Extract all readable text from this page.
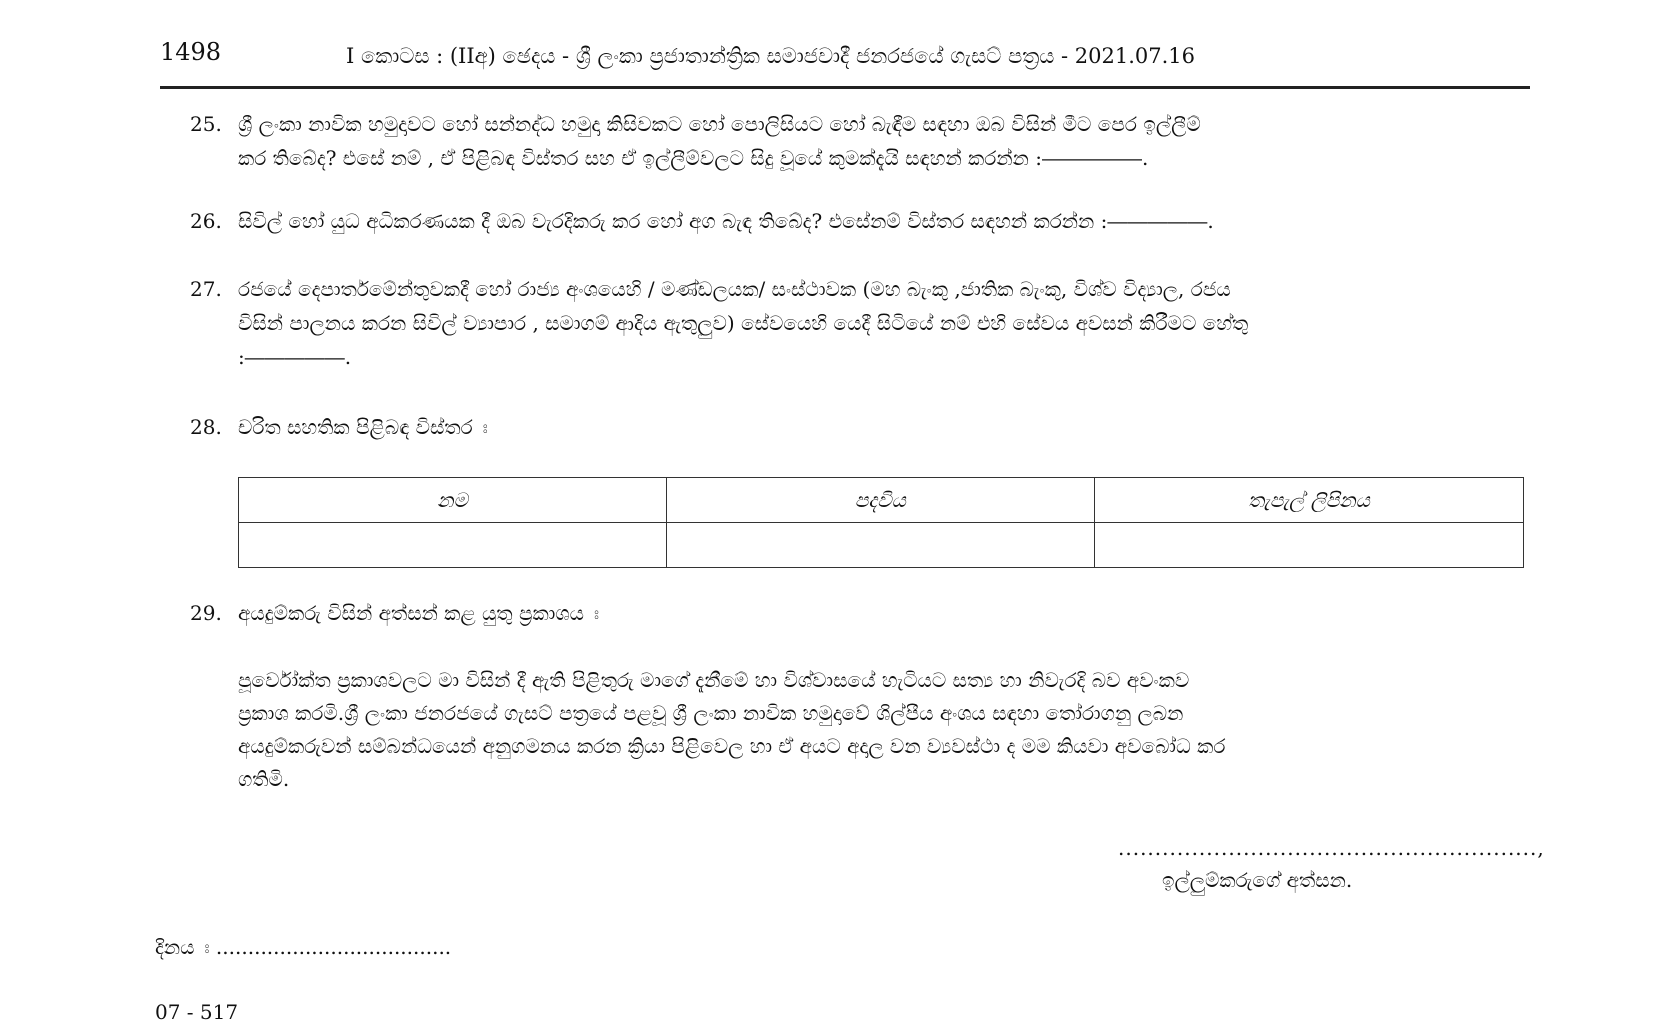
1498	I කොටස : (IIඅ) ඡෙදය - ශ්‍රී ලංකා ප්‍රජාතාන්ත්‍රික සමාජවාදී ජනරජයේ ගැසට් පත්‍රය - 2021.07.16
25. ශ්‍රී ලංකා නාවික හමුදාවට හෝ සන්නද්ධ හමුදා කිසිවකට හෝ පොලිසියට හෝ බැඳීම සඳහා ඔබ විසින් මීට පෙර ඉල්ලීම්
කර තිබේද? එසේ නම් , ඒ පිළිබඳ විස්තර සහ ඒ ඉල්ලීම්වලට සිදු වූයේ කුමක්දැයි සඳහන් කරන්න :―――――.
26. සිවිල් හෝ යුධ අධිකරණයක දී ඔබ වැරදිකරු කර හෝ අග බැඳ තිබේද? එසේනම් විස්තර සඳහන් කරන්න :―――――.
27. රජයේ දෙපාර්තමේන්තුවකදී හෝ රාජ්‍ය අංශයෙහි / මණ්ඩලයක/ සංස්ථාවක (මහ බැංකු ,ජාතික බැංකු, විශ්ව විද්‍යාල, රජය
විසින් පාලනය කරන සිවිල් ව්‍යාපාර , සමාගම් ආදිය ඇතුලුව) සේවයෙහි යෙදී සිටියේ නම් එහි සේවය අවසන් කිරීමට හේතු
:―――――.
28. චරිත සහතික පිළිබඳ විස්තර ඃ
නම	පදවිය	තැපැල් ලිපිනය

29. අයදුම්කරු විසින් අත්සන් කළ යුතු ප්‍රකාශය ඃ
පූර්වෝක්ත ප්‍රකාශවලට මා විසින් දී ඇති පිළිතුරු මාගේ දැනීමේ හා විශ්වාසයේ හැටියට සත්‍ය හා නිවැරදි බව අවංකව
ප්‍රකාශ කරමි.ශ්‍රී ලංකා ජනරජයේ ගැසට් පත්‍රයේ පළවූ ශ්‍රී ලංකා නාවික හමුදාවේ ශිල්පීය අංශය සඳහා තෝරාගනු ලබන
අයදුම්කරුවන් සම්බන්ධයෙන් අනුගමනය කරන ක්‍රියා පිළිවෙල හා ඒ අයට අදාල වන ව්‍යවස්ථා ද මම කියවා අවබෝධ කර
ගතිමි.
.........................................................,
ඉල්ලුම්කරුගේ අත්සන.
දිනය ඃ .....................................
07 - 517
